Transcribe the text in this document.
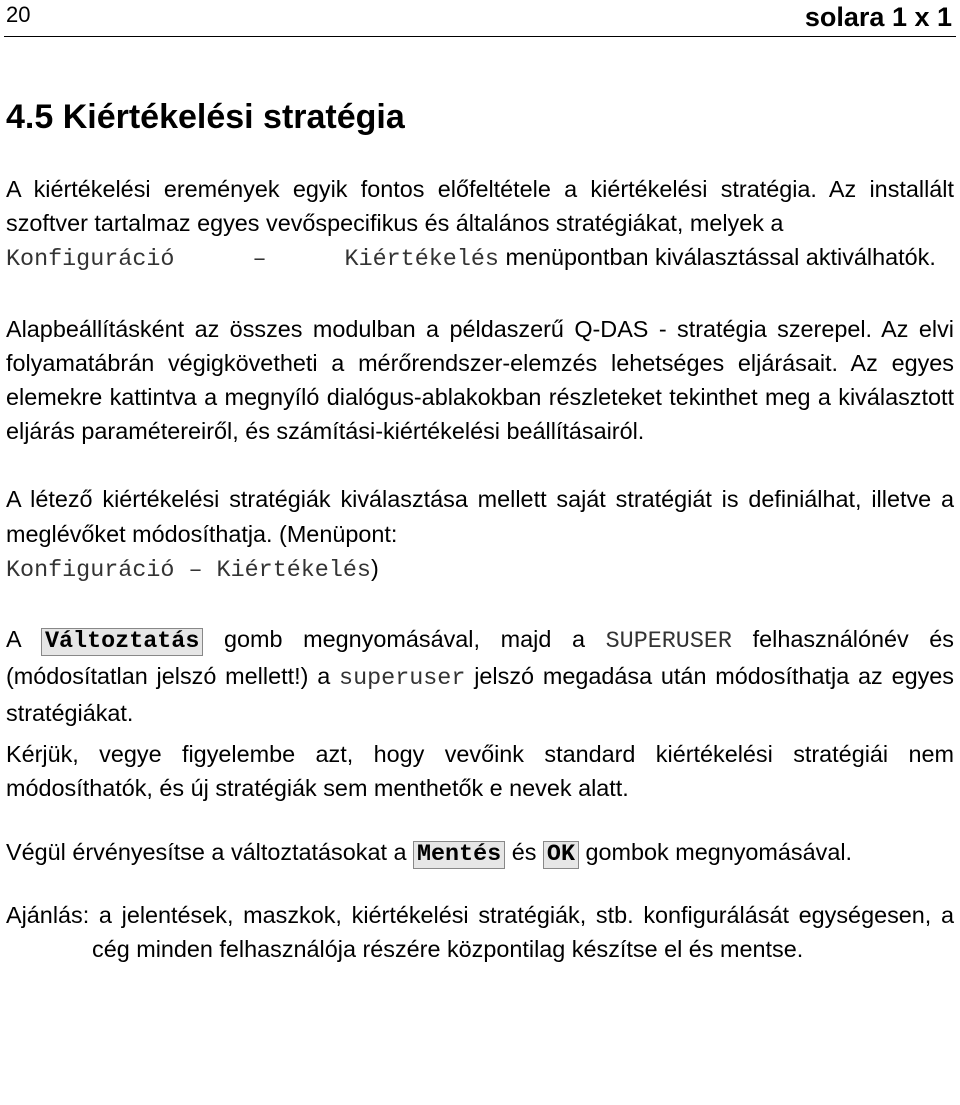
20	solara 1 x 1
4.5 Kiértékelési stratégia

A kiértékelési eremények egyik fontos előfeltétele a kiértékelési stratégia. Az installált szoftver tartalmaz egyes vevőspecifikus és általános stratégiákat, melyek a
Konfiguráció – Kiértékelés menüpontban kiválasztással aktiválhatók.

Alapbeállításként az összes modulban a példaszerű Q-DAS - stratégia szerepel. Az elvi folyamatábrán végigkövetheti a mérőrendszer-elemzés lehetséges eljárásait. Az egyes elemekre kattintva a megnyíló dialógus-ablakokban részleteket tekinthet meg a kiválasztott eljárás paramétereiről, és számítási-kiértékelési beállításairól.

A létező kiértékelési stratégiák kiválasztása mellett saját stratégiát is definiálhat, illetve a meglévőket módosíthatja. (Menüpont:
Konfiguráció – Kiértékelés)

A Változtatás gomb megnyomásával, majd a SUPERUSER felhasználónév és (módosítatlan jelszó mellett!) a superuser jelszó megadása után módosíthatja az egyes stratégiákat.

Kérjük, vegye figyelembe azt, hogy vevőink standard kiértékelési stratégiái nem módosíthatók, és új stratégiák sem menthetők e nevek alatt.

Végül érvényesítse a változtatásokat a Mentés és OK gombok megnyomásával.

Ajánlás: a jelentések, maszkok, kiértékelési stratégiák, stb. konfigurálását egységesen, a cég minden felhasználója részére központilag készítse el és mentse.
